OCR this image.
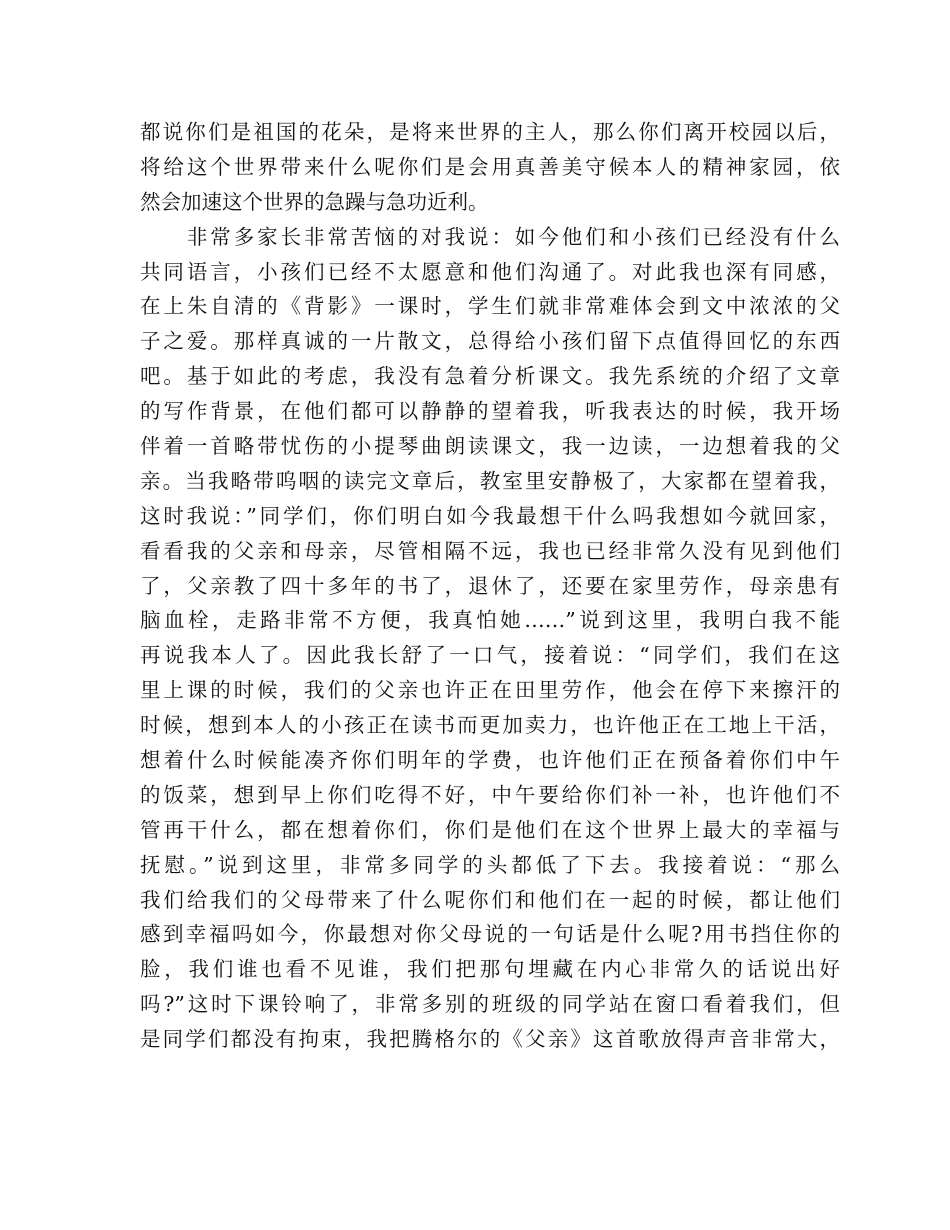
都说你们是祖国的花朵，是将来世界的主人，那么你们离开校园以后，
将给这个世界带来什么呢你们是会用真善美守候本人的精神家园，依
然会加速这个世界的急躁与急功近利。
　　非常多家长非常苦恼的对我说：如今他们和小孩们已经没有什么
共同语言，小孩们已经不太愿意和他们沟通了。对此我也深有同感，
在上朱自清的《背影》一课时，学生们就非常难体会到文中浓浓的父
子之爱。那样真诚的一片散文，总得给小孩们留下点值得回忆的东西
吧。基于如此的考虑，我没有急着分析课文。我先系统的介绍了文章
的写作背景，在他们都可以静静的望着我，听我表达的时候，我开场
伴着一首略带忧伤的小提琴曲朗读课文，我一边读，一边想着我的父
亲。当我略带呜咽的读完文章后，教室里安静极了，大家都在望着我，
这时我说：”同学们，你们明白如今我最想干什么吗我想如今就回家，
看看我的父亲和母亲，尽管相隔不远，我也已经非常久没有见到他们
了，父亲教了四十多年的书了，退休了，还要在家里劳作，母亲患有
脑血栓，走路非常不方便，我真怕她……”说到这里，我明白我不能
再说我本人了。因此我长舒了一口气，接着说：“同学们，我们在这
里上课的时候，我们的父亲也许正在田里劳作，他会在停下来擦汗的
时候，想到本人的小孩正在读书而更加卖力，也许他正在工地上干活，
想着什么时候能凑齐你们明年的学费，也许他们正在预备着你们中午
的饭菜，想到早上你们吃得不好，中午要给你们补一补，也许他们不
管再干什么，都在想着你们，你们是他们在这个世界上最大的幸福与
抚慰。”说到这里，非常多同学的头都低了下去。我接着说：“那么
我们给我们的父母带来了什么呢你们和他们在一起的时候，都让他们
感到幸福吗如今，你最想对你父母说的一句话是什么呢?用书挡住你的
脸，我们谁也看不见谁，我们把那句埋藏在内心非常久的话说出好
吗?”这时下课铃响了，非常多别的班级的同学站在窗口看着我们，但
是同学们都没有拘束，我把腾格尔的《父亲》这首歌放得声音非常大，
